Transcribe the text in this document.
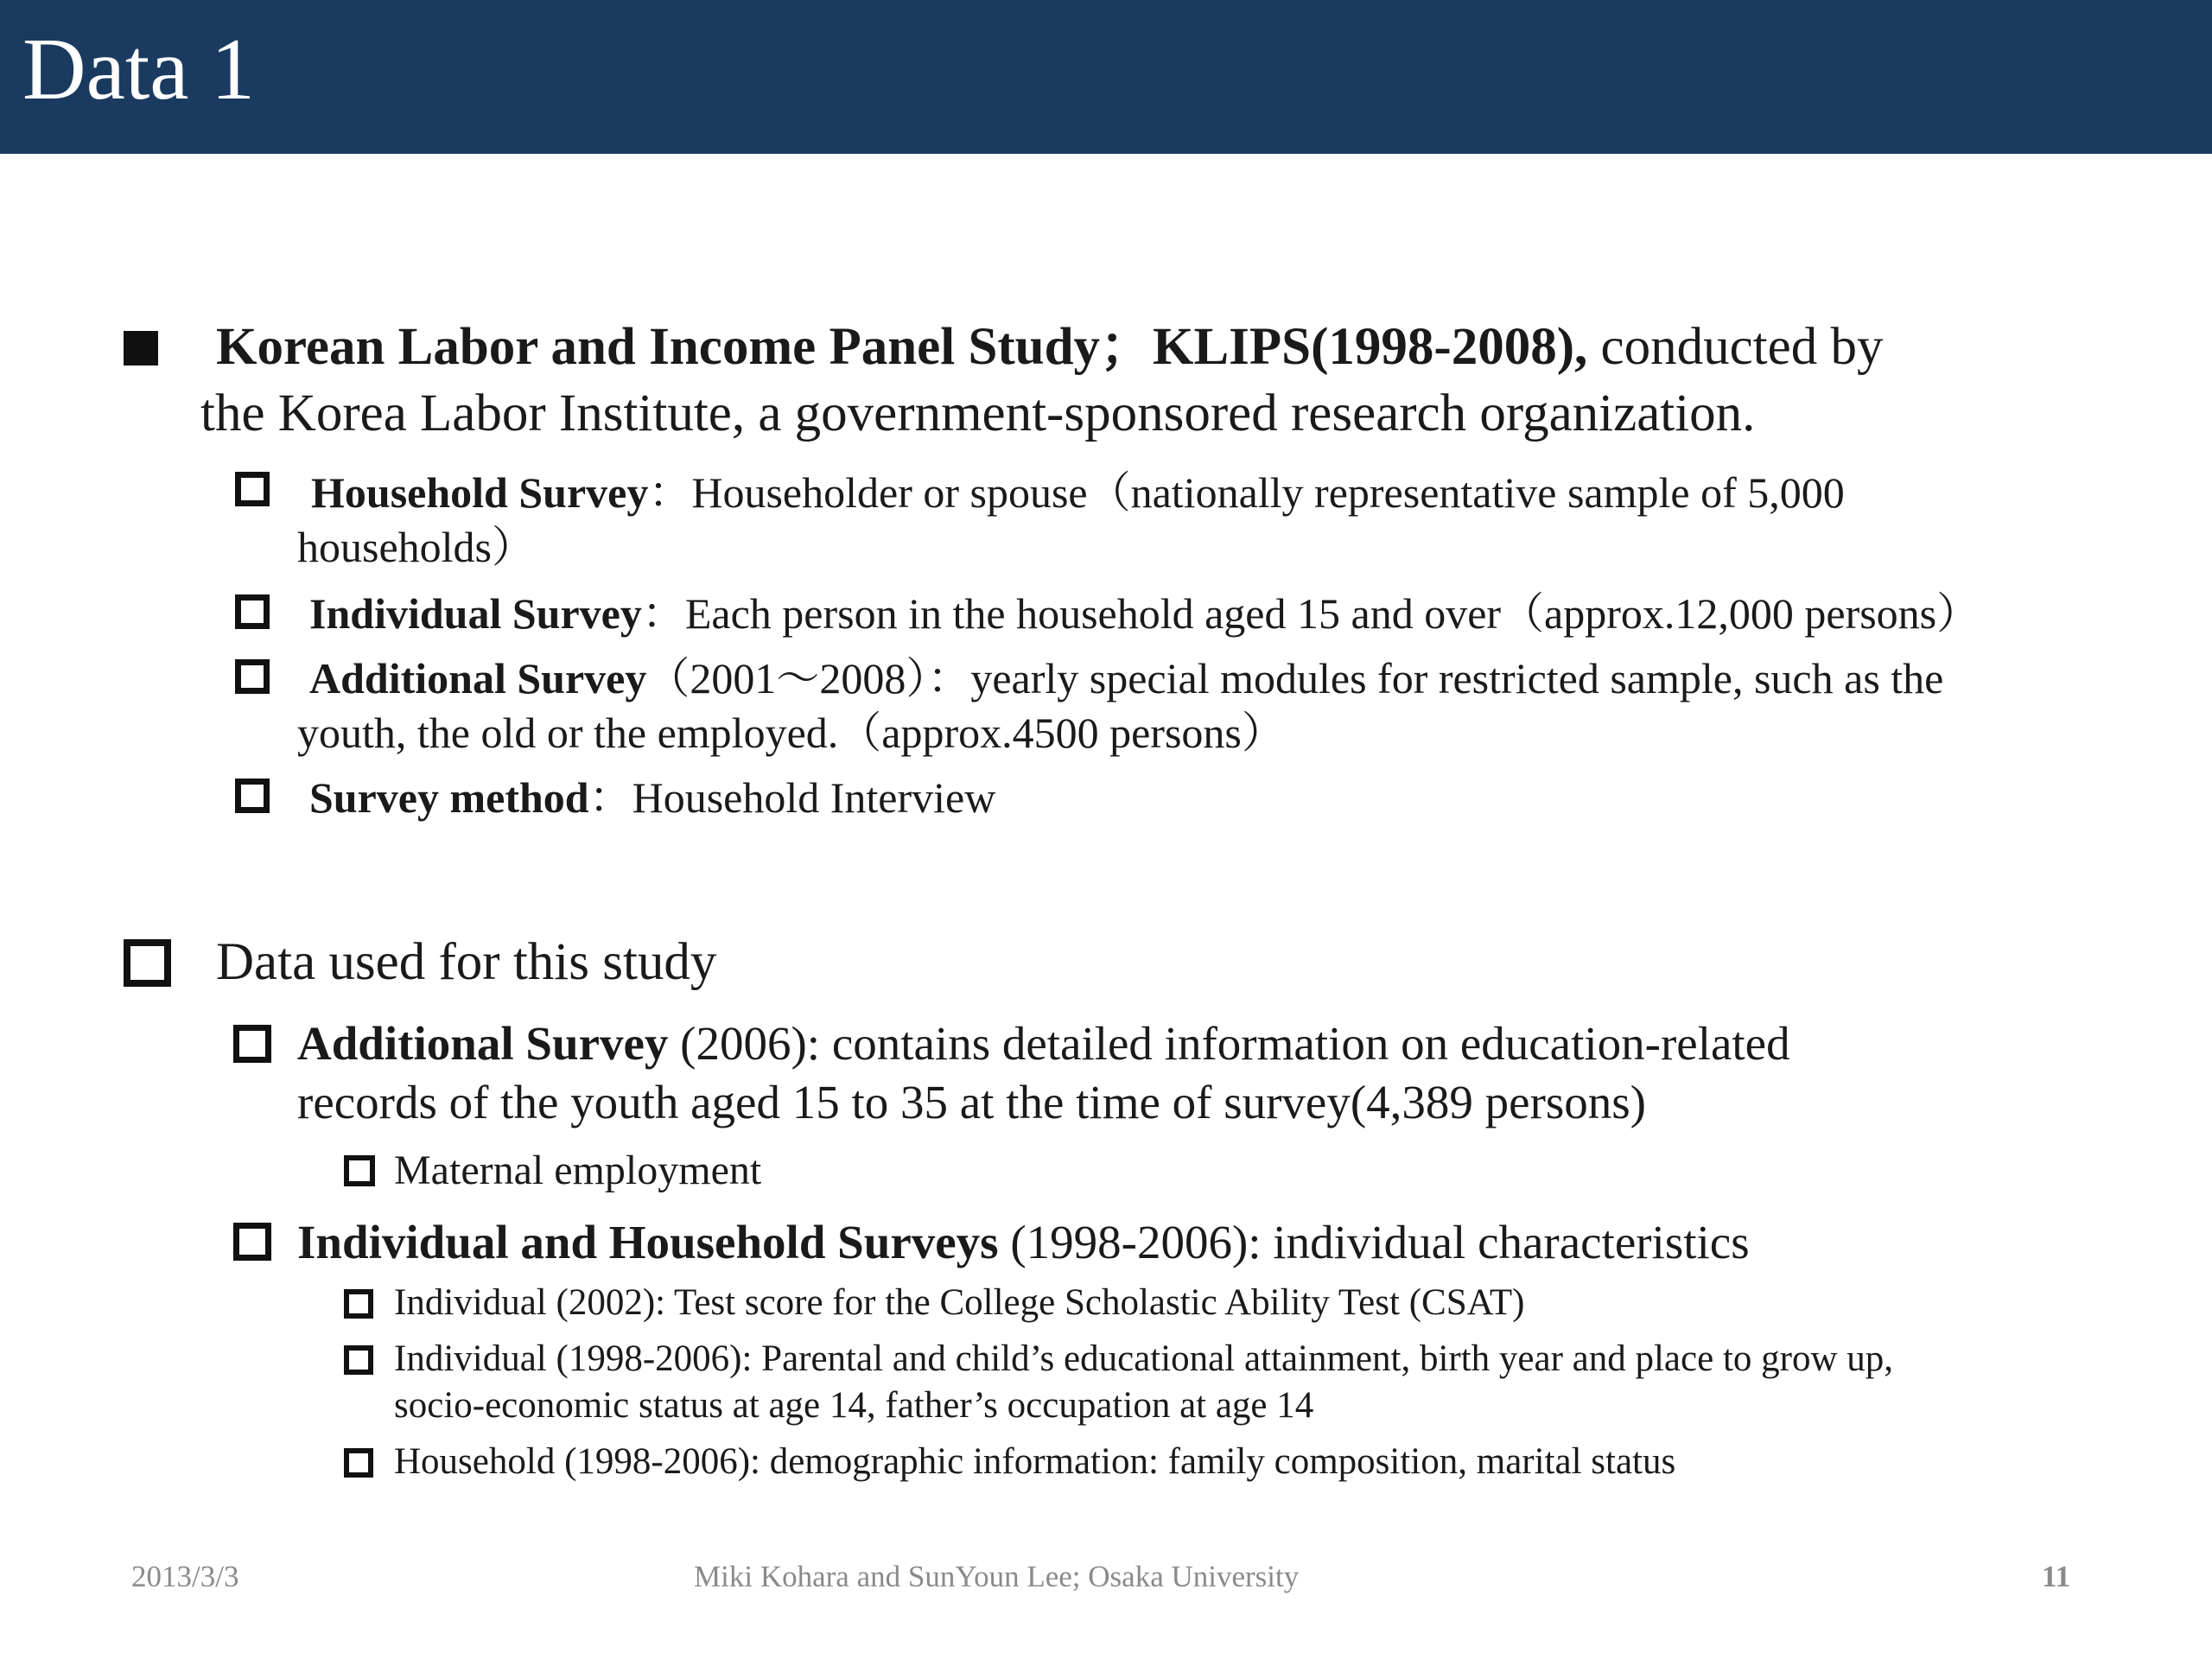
Data 1
Korean Labor and Income Panel Study；KLIPS(1998-2008), conducted by
the Korea Labor Institute, a government-sponsored research organization.
Household Survey：Householder or spouse（nationally representative sample of 5,000
households）
Individual Survey：Each person in the household aged 15 and over（approx.12,000 persons）
Additional Survey（2001～2008）：yearly special modules for restricted sample, such as the
youth, the old or the employed.（approx.4500 persons）
Survey method：Household Interview
Data used for this study
Additional Survey (2006): contains detailed information on education-related
records of the youth aged 15 to 35 at the time of survey(4,389 persons)
Maternal employment
Individual and Household Surveys (1998-2006): individual characteristics
Individual (2002): Test score for the College Scholastic Ability Test (CSAT)
Individual (1998-2006): Parental and child’s educational attainment, birth year and place to grow up,
socio-economic status at age 14, father’s occupation at age 14
Household (1998-2006): demographic information: family composition, marital status
2013/3/3	Miki Kohara and SunYoun Lee; Osaka University	11
